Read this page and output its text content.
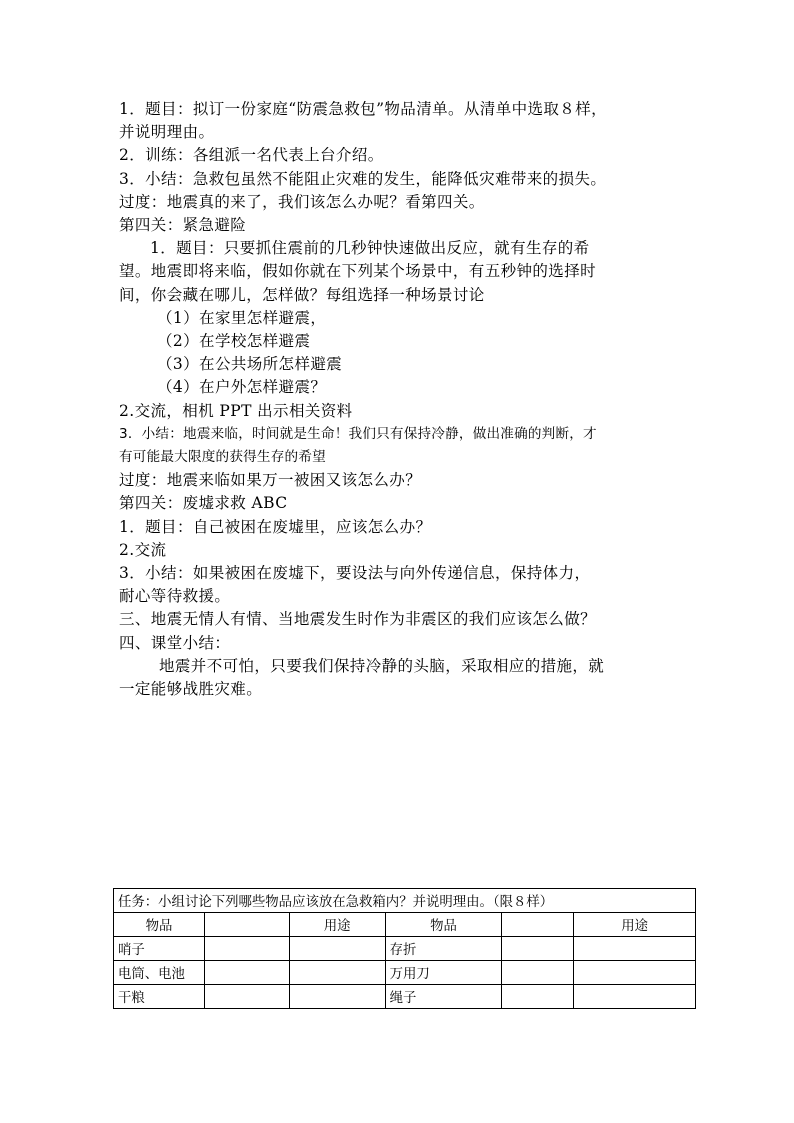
1．题目：拟订一份家庭“防震急救包”物品清单。从清单中选取８样，
并说明理由。
2．训练：各组派一名代表上台介绍。
3．小结：急救包虽然不能阻止灾难的发生，能降低灾难带来的损失。
过度：地震真的来了，我们该怎么办呢？看第四关。
第四关：紧急避险
1．题目：只要抓住震前的几秒钟快速做出反应，就有生存的希
望。地震即将来临，假如你就在下列某个场景中，有五秒钟的选择时
间，你会藏在哪儿，怎样做？每组选择一种场景讨论
（1）在家里怎样避震，
（2）在学校怎样避震
（3）在公共场所怎样避震
（4）在户外怎样避震？
2.交流，相机 PPT 出示相关资料
3．小结：地震来临，时间就是生命！我们只有保持冷静，做出准确的判断，才
有可能最大限度的获得生存的希望
过度：地震来临如果万一被困又该怎么办？
第四关：废墟求救 ABC
1．题目：自己被困在废墟里，应该怎么办？
2.交流
3．小结：如果被困在废墟下，要设法与向外传递信息，保持体力，
耐心等待救援。
三、地震无情人有情、当地震发生时作为非震区的我们应该怎么做？
四、课堂小结：
地震并不可怕，只要我们保持冷静的头脑，采取相应的措施，就
一定能够战胜灾难。
任务：小组讨论下列哪些物品应该放在急救箱内？并说明理由。（限８样）					
物品		用途	物品		用途
哨子			存折		
电筒、电池			万用刀		
干粮			绳子		
